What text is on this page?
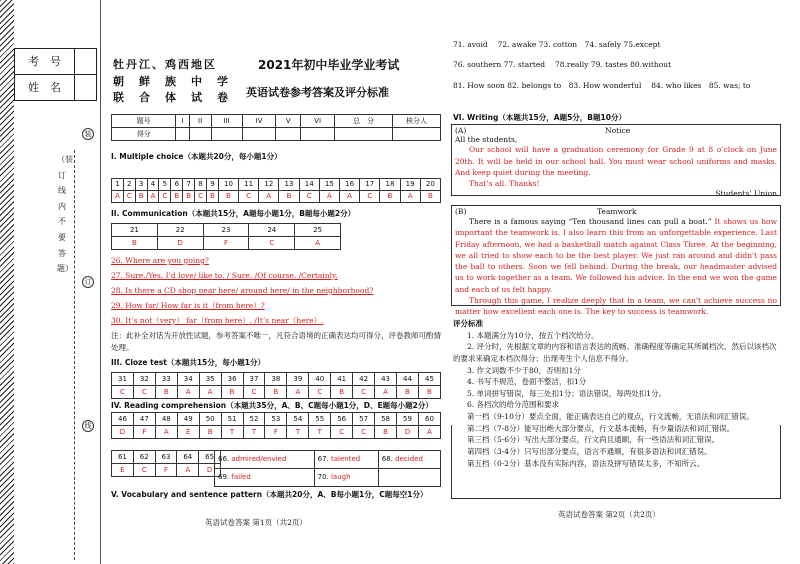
考　号	
姓　名	
（装订线内不要答题）
装
订
线
牡丹江、鸡西地区
朝　鲜　族　中　学
联　合　体　试　卷
2021年初中毕业学业考试
英语试卷参考答案及评分标准
题号	I	II	III	IV	V	VI	总　分	核分人
得分								
I. Multiple choice（本题共20分，每小题1分）
1	2	3	4	5	6	7	8	9	10	11	12	13	14	15	16	17	18	19	20
A	C	B	A	C	B	B	C	B	B	C	A	B	C	A	A	C	B	A	B
II. Communication（本题共15分，A题每小题1分，B题每小题2分）
21	22	23	24	25
B	D	F	C	A
26. Where are you going?
27. Sure./Yes, I’d love/ like to. / Sure. /Of course. /Certainly.
28. Is there a CD shop near here/ around here/ in the neighborhood?
29. How far/ How far is it（from here）?
30. It’s not（very） far（from here）. /It’s near（here）.
注：此补全对话为开放性试题，参考答案不唯一，凡符合语境的正确表达均可得分，评卷教师可酌情处理。
III. Cloze test（本题共15分，每小题1分）
31	32	33	34	35	36	37	38	39	40	41	42	43	44	45
C	C	B	A	A	B	C	B	A	C	B	C	A	B	B
IV. Reading comprehension（本题共35分，A、B、C题每小题1分，D、E题每小题2分）
46	47	48	49	50	51	52	53	54	55	56	57	58	59	60
D	F	A	E	B	T	T	F	T	T	C	C	B	D	A
61	62	63	64	65
E	C	F	A	D
66. admired/envied	67. talented	68. decided
69. failed	70. laugh	
V. Vocabulary and sentence pattern（本题共20分，A、B每小题1分，C题每空1分）
英语试卷答案 第1页（共2页）
71. avoid　 72. awake 73. cotton　74. safely 75.except
76. southern 77. started　 78.really 79. tastes 80.without
81. How soon 82. belongs to　83. How wonderful　 84. who likes　85. was; to
VI. Writing（本题共15分，A题5分，B题10分）
(A)	Notice
All the students,
Our school will have a graduation ceremony for Grade 9 at 8 o’clock on June 20th. It will be held in our school hall. You must wear school uniforms and masks. And keep quiet during the meeting.
That’s all. Thanks!
Students’ Union
(B)	Teamwork
There is a famous saying “Ten thousand lines can pull a boat.” It shows us how important the teamwork is. I also learn this from an unforgettable experience. Last Friday afternoon, we had a basketball match against Class Three. At the beginning, we all tried to show each to be the best player. We just ran around and didn't pass the ball to others. Soon we fell behind. During the break, our headmaster advised us to work together as a team. We followed his advice. In the end we won the game and each of us felt happy.
Through this game, I realize deeply that in a team, we can't achieve success no matter how excellent each one is. The key to success is teamwork.
评分标准
1. 本题满分为10分，按五个档次给分。
2. 评分时，先根据文章的内容和语言表达的流畅、准确程度等确定其所属档次，然后以该档次的要求来确定本档次得分；出现考生个人信息不得分。
3. 作文词数不少于80，否则扣1分
4. 书写不规范，卷面不整洁，扣1分
5. 单词拼写错误，每三处扣1分；语法错误，每两处扣1分。
6. 各档次的给分范围和要求
第一档（9-10分）要点全面，能正确表达自己的观点，行文流畅，无语法和词汇错误。
第二档（7-8分）能写出绝大部分要点，行文基本流畅，有少量语法和词汇错误。
第三档（5-6分）写出大部分要点，行文尚且通顺，有一些语法和词汇错误。
第四档（3-4分）只写出部分要点，语言不通顺，有很多语法和词汇错误。
第五档（0-2分）基本没有实际内容，语法及拼写错误太多，不知所云。
英语试卷答案 第2页（共2页）
